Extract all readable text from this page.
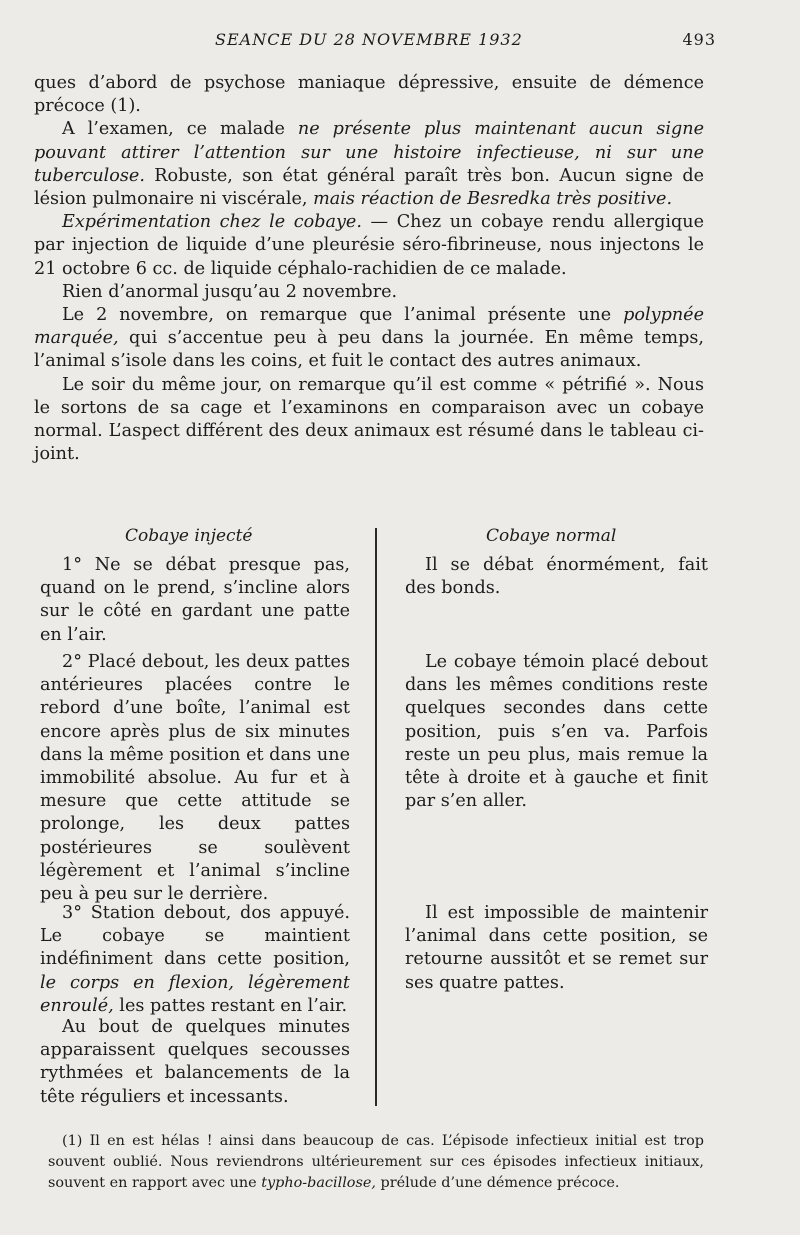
SEANCE DU 28 NOVEMBRE 1932	493

ques d’abord de psychose maniaque dépressive, ensuite de démence précoce (1).

A l’examen, ce malade ne présente plus maintenant aucun signe pouvant attirer l’attention sur une histoire infectieuse, ni sur une tuberculose. Robuste, son état général paraît très bon. Aucun signe de lésion pulmonaire ni viscérale, mais réaction de Besredka très positive.

Expérimentation chez le cobaye. — Chez un cobaye rendu allergique par injection de liquide d’une pleurésie séro-fibrineuse, nous injectons le 21 octobre 6 cc. de liquide céphalo-rachidien de ce malade.

Rien d’anormal jusqu’au 2 novembre.

Le 2 novembre, on remarque que l’animal présente une polypnée marquée, qui s’accentue peu à peu dans la journée. En même temps, l’animal s’isole dans les coins, et fuit le contact des autres animaux.

Le soir du même jour, on remarque qu’il est comme « pétrifié ». Nous le sortons de sa cage et l’examinons en comparaison avec un cobaye normal. L’aspect différent des deux animaux est résumé dans le tableau ci-joint.

Cobaye injecté	Cobaye normal

1° Ne se débat presque pas, quand on le prend, s’incline alors sur le côté en gardant une patte en l’air.

2° Placé debout, les deux pattes antérieures placées contre le rebord d’une boîte, l’animal est encore après plus de six minutes dans la même position et dans une immobilité absolue. Au fur et à mesure que cette attitude se prolonge, les deux pattes postérieures se soulèvent légèrement et l’animal s’incline peu à peu sur le derrière.

3° Station debout, dos appuyé. Le cobaye se maintient indéfiniment dans cette position, le corps en flexion, légèrement enroulé, les pattes restant en l’air.

Au bout de quelques minutes apparaissent quelques secousses rythmées et balancements de la tête réguliers et incessants.

Il se débat énormément, fait des bonds.

Le cobaye témoin placé debout dans les mêmes conditions reste quelques secondes dans cette position, puis s’en va. Parfois reste un peu plus, mais remue la tête à droite et à gauche et finit par s’en aller.

Il est impossible de maintenir l’animal dans cette position, se retourne aussitôt et se remet sur ses quatre pattes.

(1) Il en est hélas ! ainsi dans beaucoup de cas. L’épisode infectieux initial est trop souvent oublié. Nous reviendrons ultérieurement sur ces épisodes infectieux initiaux, souvent en rapport avec une typho-bacillose, prélude d’une démence précoce.
